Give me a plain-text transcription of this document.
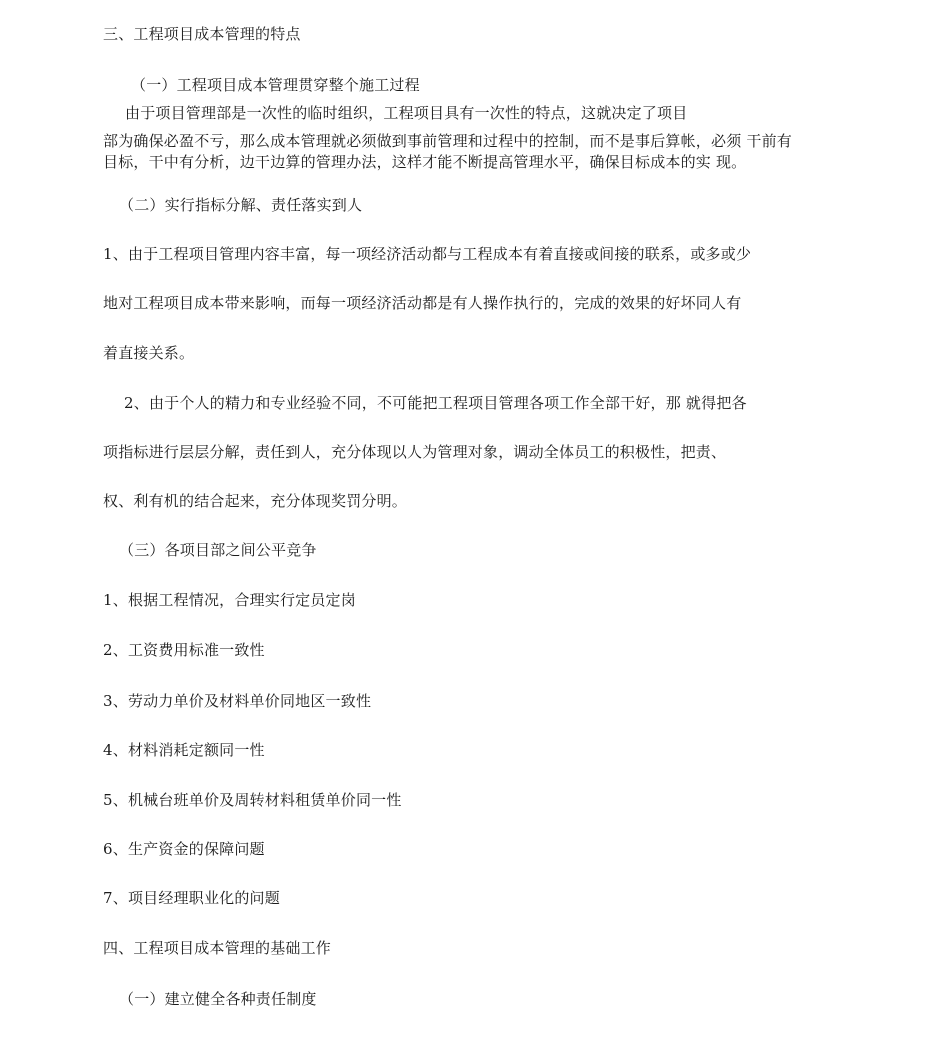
三、工程项目成本管理的特点
（一）工程项目成本管理贯穿整个施工过程
由于项目管理部是一次性的临时组织，工程项目具有一次性的特点，这就决定了项目
部为确保必盈不亏，那么成本管理就必须做到事前管理和过程中的控制，而不是事后算帐，必须 干前有
目标，干中有分析，边干边算的管理办法，这样才能不断提高管理水平，确保目标成本的实 现。
（二）实行指标分解、责任落实到人
1、由于工程项目管理内容丰富，每一项经济活动都与工程成本有着直接或间接的联系，或多或少
地对工程项目成本带来影响，而每一项经济活动都是有人操作执行的，完成的效果的好坏同人有
着直接关系。
2、由于个人的精力和专业经验不同，不可能把工程项目管理各项工作全部干好，那 就得把各
项指标进行层层分解，责任到人，充分体现以人为管理对象，调动全体员工的积极性，把责、
权、利有机的结合起来，充分体现奖罚分明。
（三）各项目部之间公平竞争
1、根据工程情况，合理实行定员定岗
2、工资费用标准一致性
3、劳动力单价及材料单价同地区一致性
4、材料消耗定额同一性
5、机械台班单价及周转材料租赁单价同一性
6、生产资金的保障问题
7、项目经理职业化的问题
四、工程项目成本管理的基础工作
（一）建立健全各种责任制度
